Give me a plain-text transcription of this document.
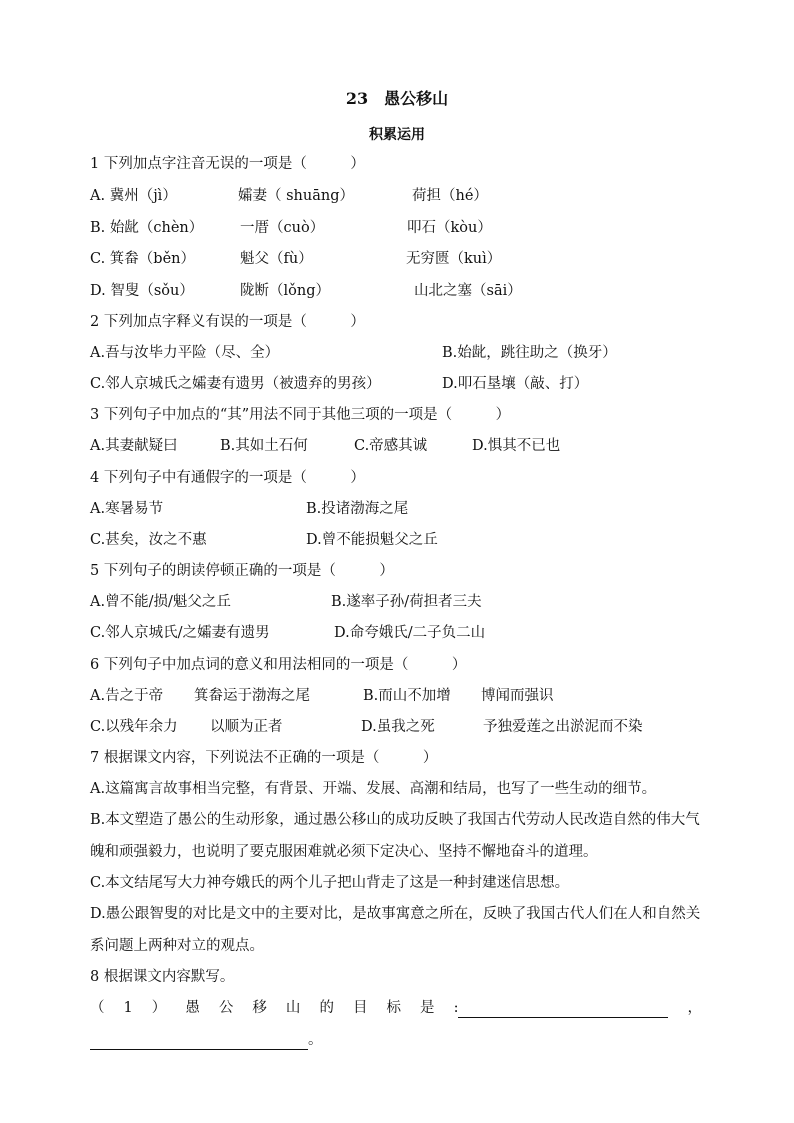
23　愚公移山
积累运用
1 下列加点字注音无误的一项是（　　　）
A. 冀州（jì）	孀妻（ shuāng）	荷担（hé）
B. 始龀（chèn）	一厝（cuò）	叩石（kòu）
C. 箕畚（běn）	魁父（fù）	无穷匮（kuì）
D. 智叟（sǒu）	陇断（lǒng）	山北之塞（sāi）
2 下列加点字释义有误的一项是（　　　）
A.吾与汝毕力平险（尽、全）	B.始龀，跳往助之（换牙）
C.邻人京城氏之孀妻有遗男（被遗弃的男孩）	D.叩石垦壤（敲、打）
3 下列句子中加点的“其”用法不同于其他三项的一项是（　　　）
A.其妻献疑曰	B.其如土石何	C.帝感其诚	D.惧其不已也
4 下列句子中有通假字的一项是（　　　）
A.寒暑易节	B.投诸渤海之尾
C.甚矣，汝之不惠	D.曾不能损魁父之丘
5 下列句子的朗读停顿正确的一项是（　　　）
A.曾不能/损/魁父之丘	B.遂率子孙/荷担者三夫
C.邻人京城氏/之孀妻有遗男	D.命夸娥氏/二子负二山
6 下列句子中加点词的意义和用法相同的一项是（　　　）
A.告之于帝 箕畚运于渤海之尾	B.而山不加增 博闻而强识
C.以残年余力 以顺为正者	D.虽我之死	予独爱莲之出淤泥而不染
7 根据课文内容，下列说法不正确的一项是（　　　）
A.这篇寓言故事相当完整，有背景、开端、发展、高潮和结局，也写了一些生动的细节。
B.本文塑造了愚公的生动形象，通过愚公移山的成功反映了我国古代劳动人民改造自然的伟大气魄和顽强毅力，也说明了要克服困难就必须下定决心、坚持不懈地奋斗的道理。
C.本文结尾写大力神夸娥氏的两个儿子把山背走了这是一种封建迷信思想。
D.愚公跟智叟的对比是文中的主要对比，是故事寓意之所在，反映了我国古代人们在人和自然关系问题上两种对立的观点。
8 根据课文内容默写。
（ 1 ） 愚 公 移 山 的 目 标 是 :	，
。
